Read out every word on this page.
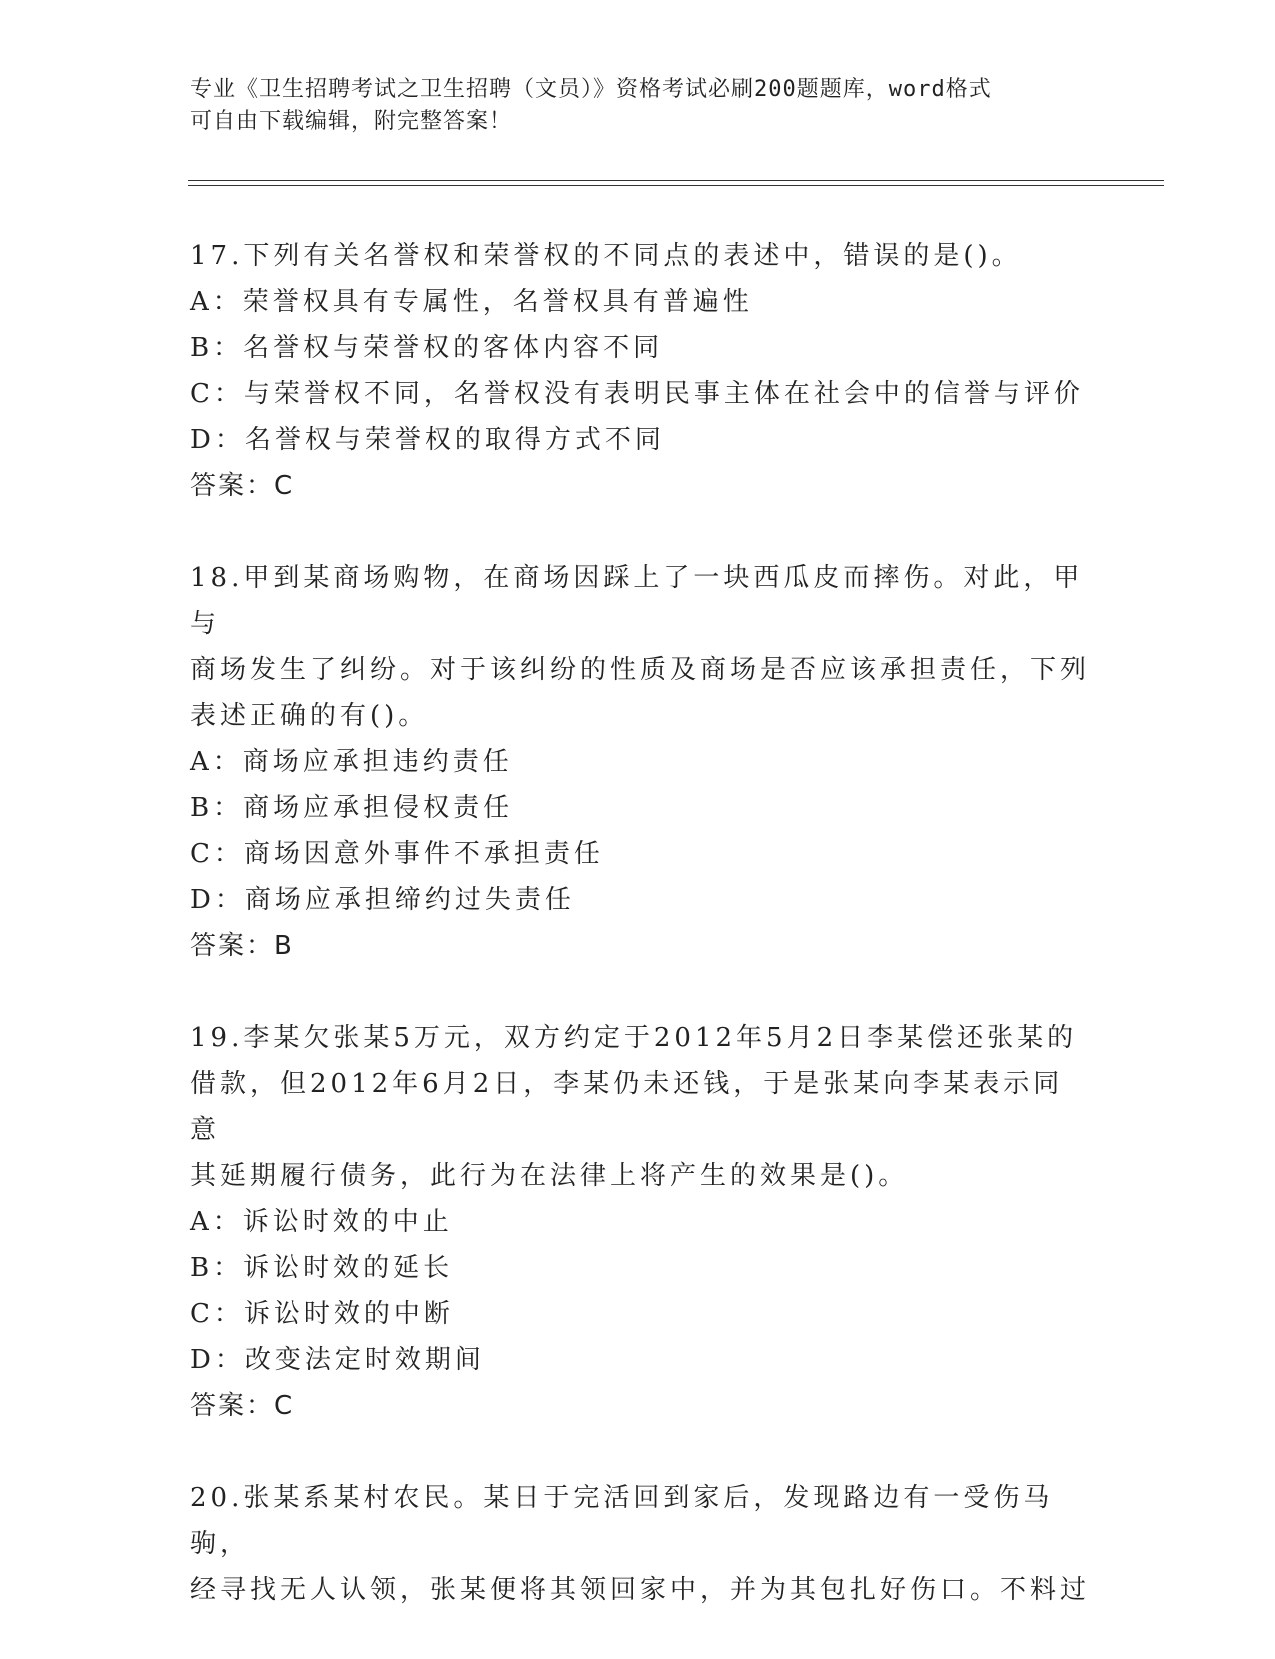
专业《卫生招聘考试之卫生招聘（文员）》资格考试必刷200题题库，word格式
可自由下载编辑，附完整答案！

17.下列有关名誉权和荣誉权的不同点的表述中，错误的是()。

A：荣誉权具有专属性，名誉权具有普遍性

B：名誉权与荣誉权的客体内容不同

C：与荣誉权不同，名誉权没有表明民事主体在社会中的信誉与评价

D：名誉权与荣誉权的取得方式不同

答案：C

18.甲到某商场购物，在商场因踩上了一块西瓜皮而摔伤。对此，甲与

商场发生了纠纷。对于该纠纷的性质及商场是否应该承担责任，下列

表述正确的有()。

A：商场应承担违约责任

B：商场应承担侵权责任

C：商场因意外事件不承担责任

D：商场应承担缔约过失责任

答案：B

19.李某欠张某5万元，双方约定于2012年5月2日李某偿还张某的

借款，但2012年6月2日，李某仍未还钱，于是张某向李某表示同意

其延期履行债务，此行为在法律上将产生的效果是()。

A：诉讼时效的中止

B：诉讼时效的延长

C：诉讼时效的中断

D：改变法定时效期间

答案：C

20.张某系某村农民。某日于完活回到家后，发现路边有一受伤马驹，

经寻找无人认领，张某便将其领回家中，并为其包扎好伤口。不料过
